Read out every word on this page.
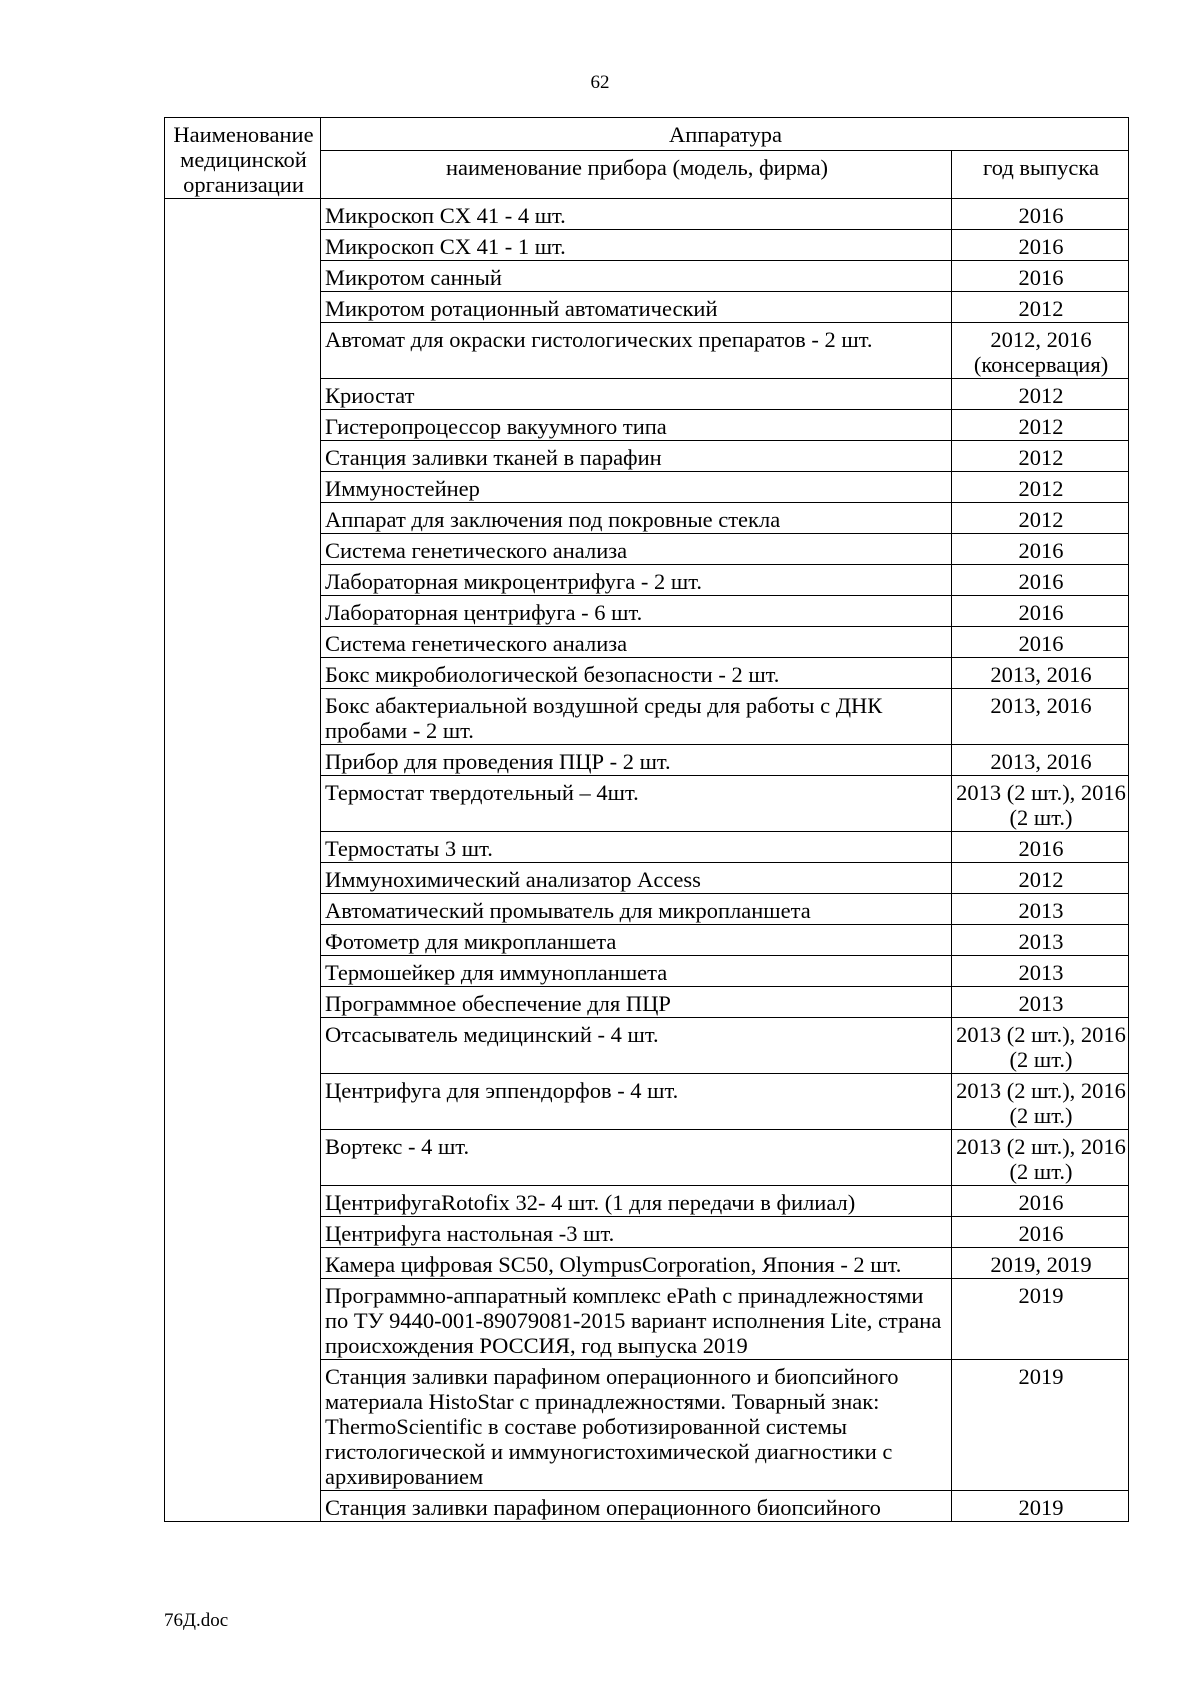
62
Наименование медицинской организации	Аппаратура	
	наименование прибора (модель, фирма)	год выпуска
	Микроскоп CX 41 - 4 шт.	2016
	Микроскоп CX 41 - 1 шт.	2016
	Микротом санный	2016
	Микротом ротационный автоматический	2012
	Автомат для окраски гистологических препаратов - 2 шт.	2012, 2016 (консервация)
	Криостат	2012
	Гистеропроцессор вакуумного типа	2012
	Станция заливки тканей в парафин	2012
	Иммуностейнер	2012
	Аппарат для заключения под покровные стекла	2012
	Система генетического анализа	2016
	Лабораторная микроцентрифуга - 2 шт.	2016
	Лабораторная центрифуга - 6 шт.	2016
	Система генетического анализа	2016
	Бокс микробиологической безопасности - 2 шт.	2013, 2016
	Бокс абактериальной воздушной среды для работы с ДНК пробами - 2 шт.	2013, 2016
	Прибор для проведения ПЦР - 2 шт.	2013, 2016
	Термостат твердотельный – 4шт.	2013 (2 шт.), 2016 (2 шт.)
	Термостаты 3 шт.	2016
	Иммунохимический анализатор Access	2012
	Автоматический промыватель для микропланшета	2013
	Фотометр для микропланшета	2013
	Термошейкер для иммунопланшета	2013
	Программное обеспечение для ПЦР	2013
	Отсасыватель медицинский - 4 шт.	2013 (2 шт.), 2016 (2 шт.)
	Центрифуга для эппендорфов - 4 шт.	2013 (2 шт.), 2016 (2 шт.)
	Вортекс - 4 шт.	2013 (2 шт.), 2016 (2 шт.)
	ЦентрифугаRotofix 32- 4 шт. (1 для передачи в филиал)	2016
	Центрифуга настольная -3 шт.	2016
	Камера цифровая SC50, OlympusCorporation, Япония - 2 шт.	2019, 2019
	Программно-аппаратный комплекс ePath с принадлежностями по ТУ 9440-001-89079081-2015 вариант исполнения Lite, страна происхождения РОССИЯ, год выпуска 2019	2019
	Станция заливки парафином операционного и биопсийного материала HistoStar с принадлежностями. Товарный знак: ThermoScientific в составе роботизированной системы гистологической и иммуногистохимической диагностики с архивированием	2019
	Станция заливки парафином операционного биопсийного	2019
76Д.doc
